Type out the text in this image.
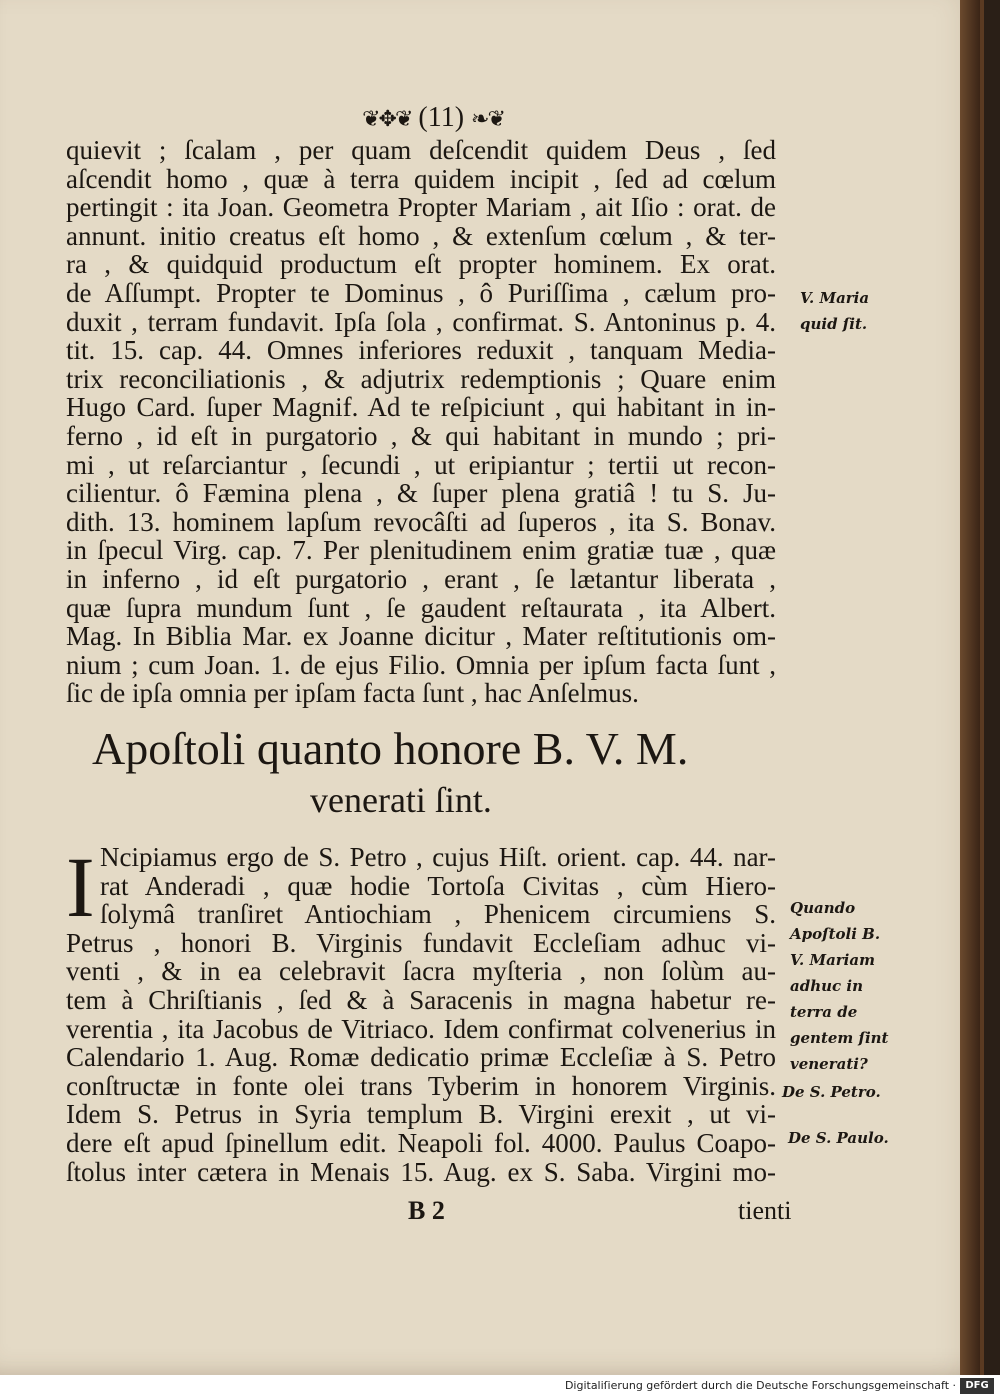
❦✥❦ (11) ❧❦
quievit ; ſcalam , per quam deſcendit quidem Deus , ſed
aſcendit homo , quæ à terra quidem incipit , ſed ad cœlum
pertingit : ita Joan. Geometra Propter Mariam , ait Iſio : orat. de
annunt. initio creatus eſt homo , & extenſum cœlum , & ter-
ra , & quidquid productum eſt propter hominem. Ex orat.
de Aſſumpt. Propter te Dominus , ô Puriſſima , cælum pro-
duxit , terram fundavit. Ipſa ſola , confirmat. S. Antoninus p. 4.
tit. 15. cap. 44. Omnes inferiores reduxit , tanquam Media-
trix reconciliationis , & adjutrix redemptionis ; Quare enim
Hugo Card. ſuper Magnif. Ad te reſpiciunt , qui habitant in in-
ferno , id eſt in purgatorio , & qui habitant in mundo ; pri-
mi , ut reſarciantur , ſecundi , ut eripiantur ; tertii ut recon-
cilientur. ô Fæmina plena , & ſuper plena gratiâ ! tu S. Ju-
dith. 13. hominem lapſum revocâſti ad ſuperos , ita S. Bonav.
in ſpecul Virg. cap. 7. Per plenitudinem enim gratiæ tuæ , quæ
in inferno , id eſt purgatorio , erant , ſe lætantur liberata ,
quæ ſupra mundum ſunt , ſe gaudent reſtaurata , ita Albert.
Mag. In Biblia Mar. ex Joanne dicitur , Mater reſtitutionis om-
nium ; cum Joan. 1. de ejus Filio. Omnia per ipſum facta ſunt ,
ſic de ipſa omnia per ipſam facta ſunt , hac Anſelmus.
Apoſtoli quanto honore B. V. M.
venerati ſint.
I Ncipiamus ergo de S. Petro , cujus Hiſt. orient. cap. 44. nar-
rat Anderadi , quæ hodie Tortoſa Civitas , cùm Hiero-
ſolymâ tranſiret Antiochiam , Phenicem circumiens S.
Petrus , honori B. Virginis fundavit Eccleſiam adhuc vi-
venti , & in ea celebravit ſacra myſteria , non ſolùm au-
tem à Chriſtianis , ſed & à Saracenis in magna habetur re-
verentia , ita Jacobus de Vitriaco. Idem confirmat colvenerius in
Calendario 1. Aug. Romæ dedicatio primæ Eccleſiæ à S. Petro
conſtructæ in fonte olei trans Tyberim in honorem Virginis.
Idem S. Petrus in Syria templum B. Virgini erexit , ut vi-
dere eſt apud ſpinellum edit. Neapoli fol. 4000. Paulus Coapo-
ſtolus inter cætera in Menais 15. Aug. ex S. Saba. Virgini mo-
V. Maria
quid ſit.
Quando
Apoſtoli B.
V. Mariam
adhuc in
terra de
gentem ſint
venerati?
De S. Petro.
De S. Paulo.
B 2	tienti
Digitaliſierung gefördert durch die Deutsche Forschungsgemeinschaft · DFG
